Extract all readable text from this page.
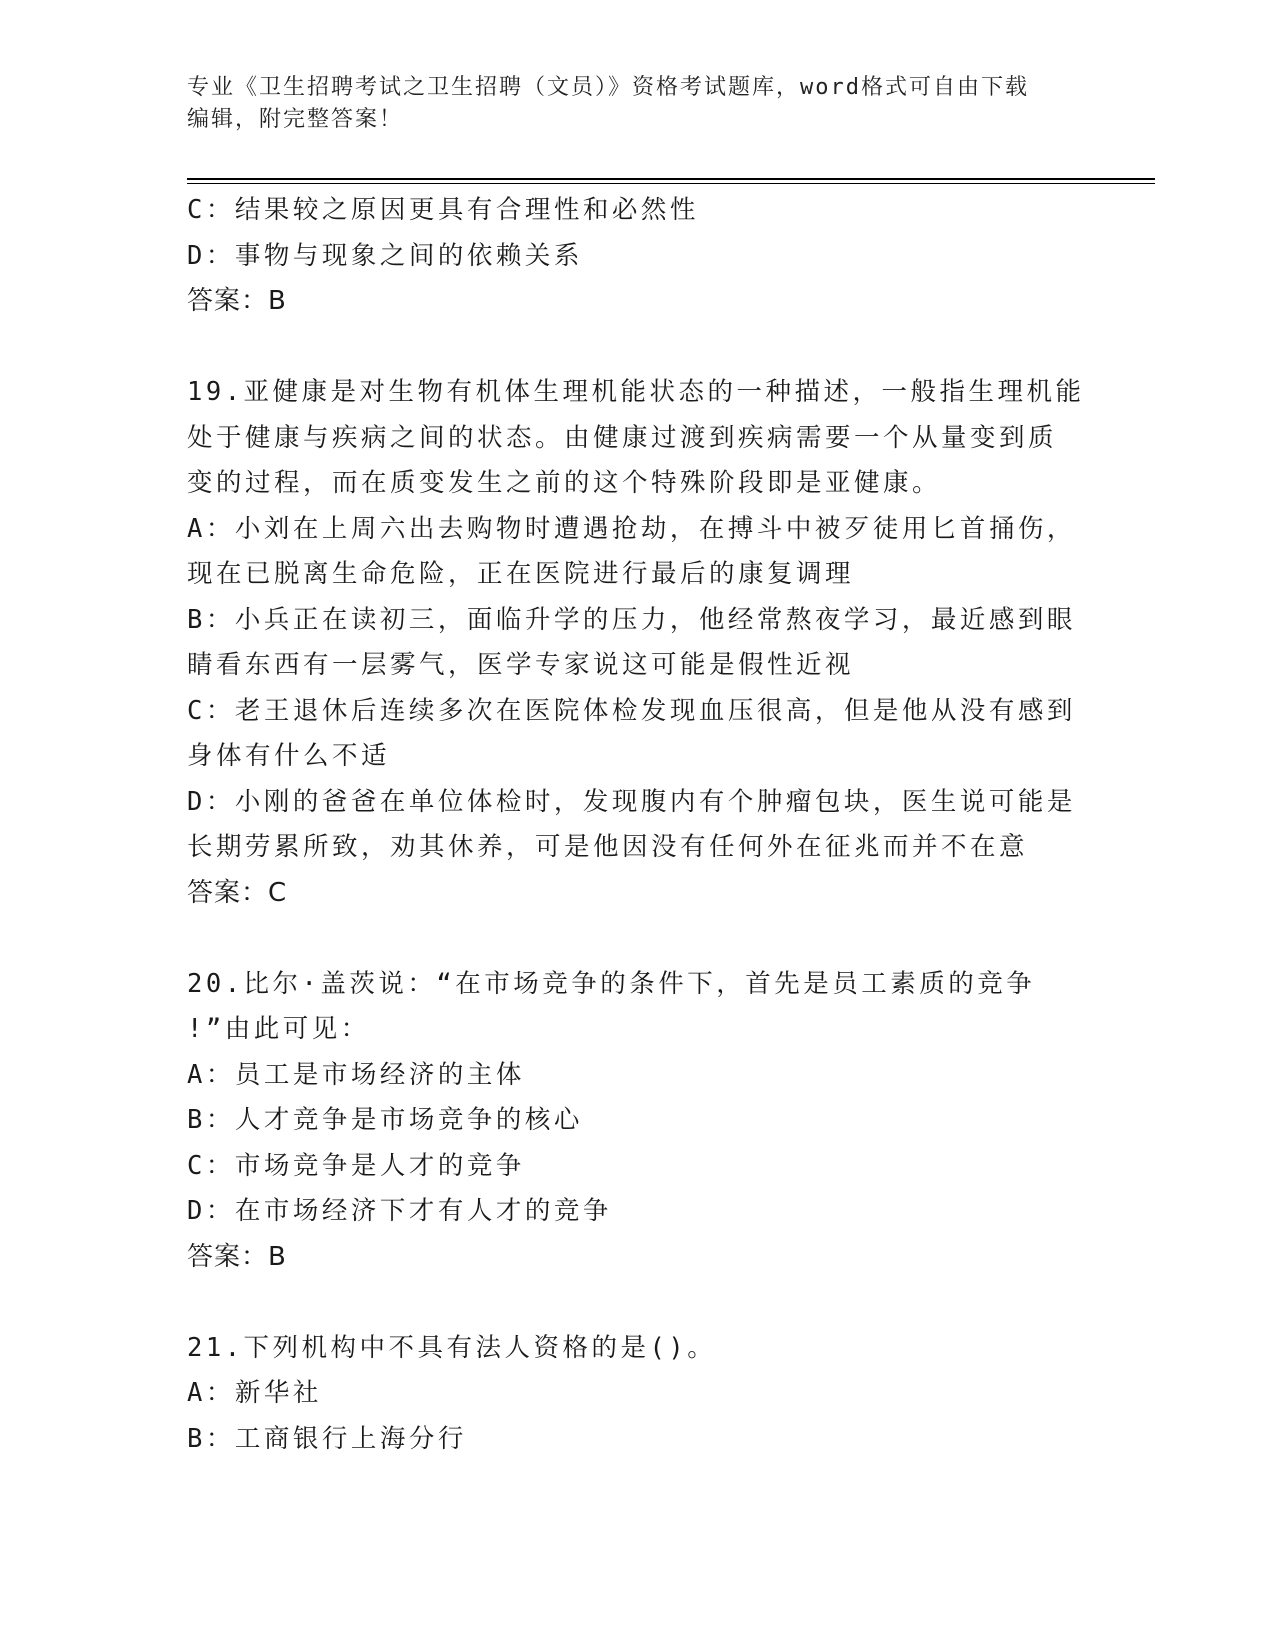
专业《卫生招聘考试之卫生招聘（文员）》资格考试题库，word格式可自由下载
编辑，附完整答案！

C：结果较之原因更具有合理性和必然性

D：事物与现象之间的依赖关系

答案：B

19.亚健康是对生物有机体生理机能状态的一种描述，一般指生理机能

处于健康与疾病之间的状态。由健康过渡到疾病需要一个从量变到质

变的过程，而在质变发生之前的这个特殊阶段即是亚健康。

A：小刘在上周六出去购物时遭遇抢劫，在搏斗中被歹徒用匕首捅伤，

现在已脱离生命危险，正在医院进行最后的康复调理

B：小兵正在读初三，面临升学的压力，他经常熬夜学习，最近感到眼

睛看东西有一层雾气，医学专家说这可能是假性近视

C：老王退休后连续多次在医院体检发现血压很高，但是他从没有感到

身体有什么不适

D：小刚的爸爸在单位体检时，发现腹内有个肿瘤包块，医生说可能是

长期劳累所致，劝其休养，可是他因没有任何外在征兆而并不在意

答案：C

20.比尔·盖茨说：“在市场竞争的条件下，首先是员工素质的竞争

!”由此可见：

A：员工是市场经济的主体

B：人才竞争是市场竞争的核心

C：市场竞争是人才的竞争

D：在市场经济下才有人才的竞争

答案：B

21.下列机构中不具有法人资格的是()。

A：新华社

B：工商银行上海分行
